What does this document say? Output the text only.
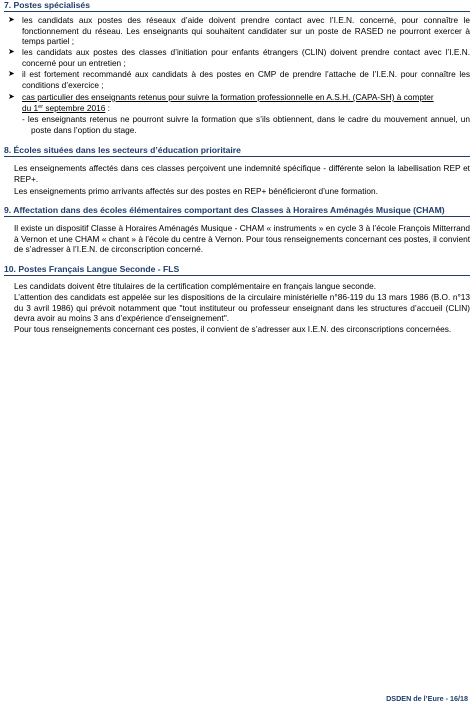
7. Postes spécialisés
➤ les candidats aux postes des réseaux d’aide doivent prendre contact avec l’I.E.N. concerné, pour connaître le fonctionnement du réseau. Les enseignants qui souhaitent candidater sur un poste de RASED ne pourront exercer à temps partiel ;
➤ les candidats aux postes des classes d’initiation pour enfants étrangers (CLIN) doivent prendre contact avec l’I.E.N. concerné pour un entretien ;
➤ il est fortement recommandé aux candidats à des postes en CMP de prendre l’attache de l’I.E.N. pour connaître les conditions d’exercice ;
➤ cas particulier des enseignants retenus pour suivre la formation professionnelle en A.S.H. (CAPA-SH) à compter
du 1er septembre 2016 :
- les enseignants retenus ne pourront suivre la formation que s’ils obtiennent, dans le cadre du mouvement annuel, un poste dans l’option du stage.
8. Écoles situées dans les secteurs d’éducation prioritaire
Les enseignements affectés dans ces classes perçoivent une indemnité spécifique - différente selon la labellisation REP et REP+.
Les enseignements primo arrivants affectés sur des postes en REP+ bénéficieront d’une formation.
9. Affectation dans des écoles élémentaires comportant des Classes à Horaires Aménagés Musique (CHAM)
Il existe un dispositif Classe à Horaires Aménagés Musique - CHAM « instruments » en cycle 3 à l’école François Mitterrand à Vernon et une CHAM « chant » à l’école du centre à Vernon. Pour tous renseignements concernant ces postes, il convient de s’adresser à l’I.E.N. de circonscription concerné.
10. Postes Français Langue Seconde - FLS
Les candidats doivent être titulaires de la certification complémentaire en français langue seconde.
L’attention des candidats est appelée sur les dispositions de la circulaire ministérielle n°86-119 du 13 mars 1986 (B.O. n°13 du 3 avril 1986) qui prévoit notamment que "tout instituteur ou professeur enseignant dans les structures d’accueil (CLIN) devra avoir au moins 3 ans d’expérience d’enseignement".
Pour tous renseignements concernant ces postes, il convient de s’adresser aux I.E.N. des circonscriptions concernées.
DSDEN de l’Eure - 16/18
